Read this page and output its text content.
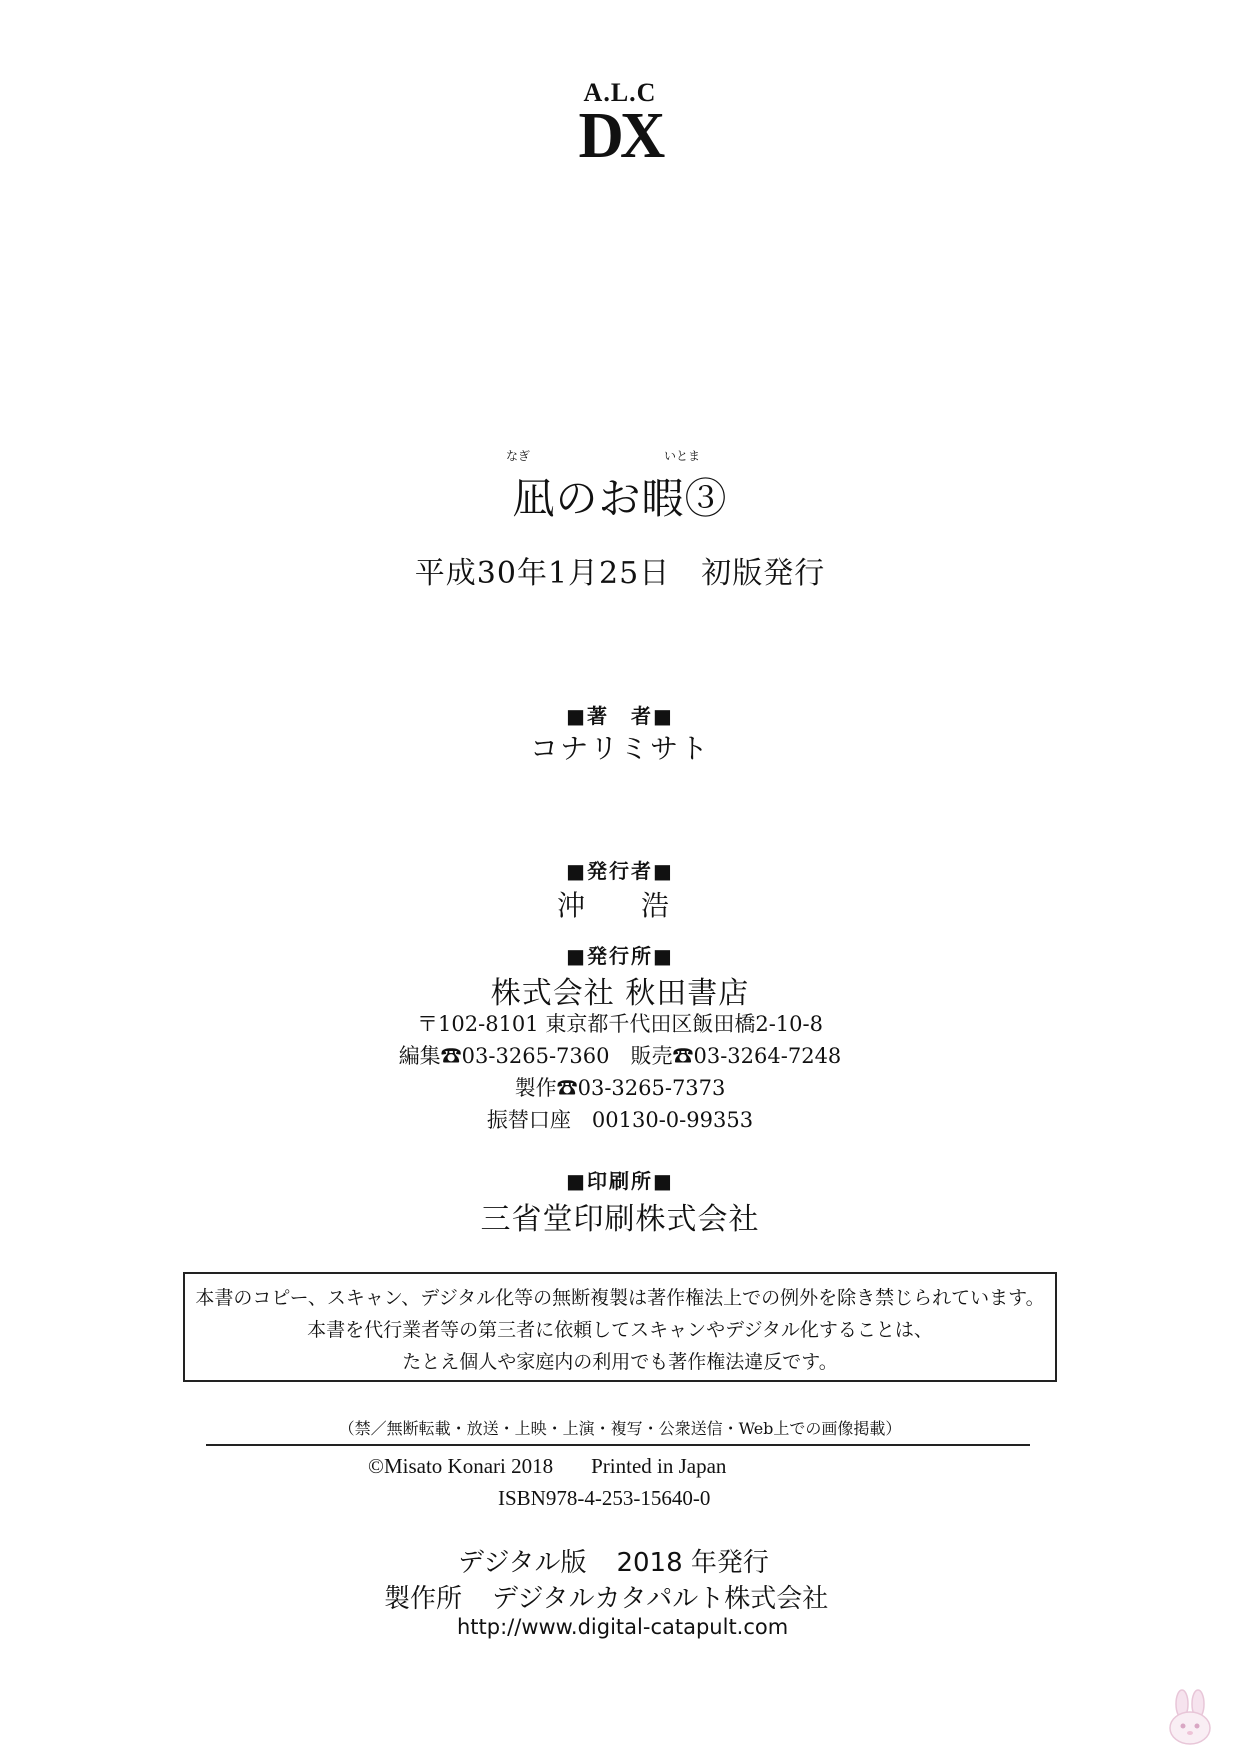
A.L.C
DX
なぎ	いとま
凪のお暇③
平成30年1月25日　初版発行
■著　者■
コナリミサト
■発行者■
沖　浩
■発行所■
株式会社 秋田書店
〒102-8101 東京都千代田区飯田橋2-10-8
編集☎03-3265-7360　販売☎03-3264-7248
製作☎03-3265-7373
振替口座　00130-0-99353
■印刷所■
三省堂印刷株式会社
本書のコピー、スキャン、デジタル化等の無断複製は著作権法上での例外を除き禁じられています。
本書を代行業者等の第三者に依頼してスキャンやデジタル化することは、
たとえ個人や家庭内の利用でも著作権法違反です。
（禁／無断転載・放送・上映・上演・複写・公衆送信・Web上での画像掲載）
©Misato Konari 2018 Printed in Japan
ISBN978-4-253-15640-0
デジタル版 2018 年発行
製作所 デジタルカタパルト株式会社
http://www.digital-catapult.com
